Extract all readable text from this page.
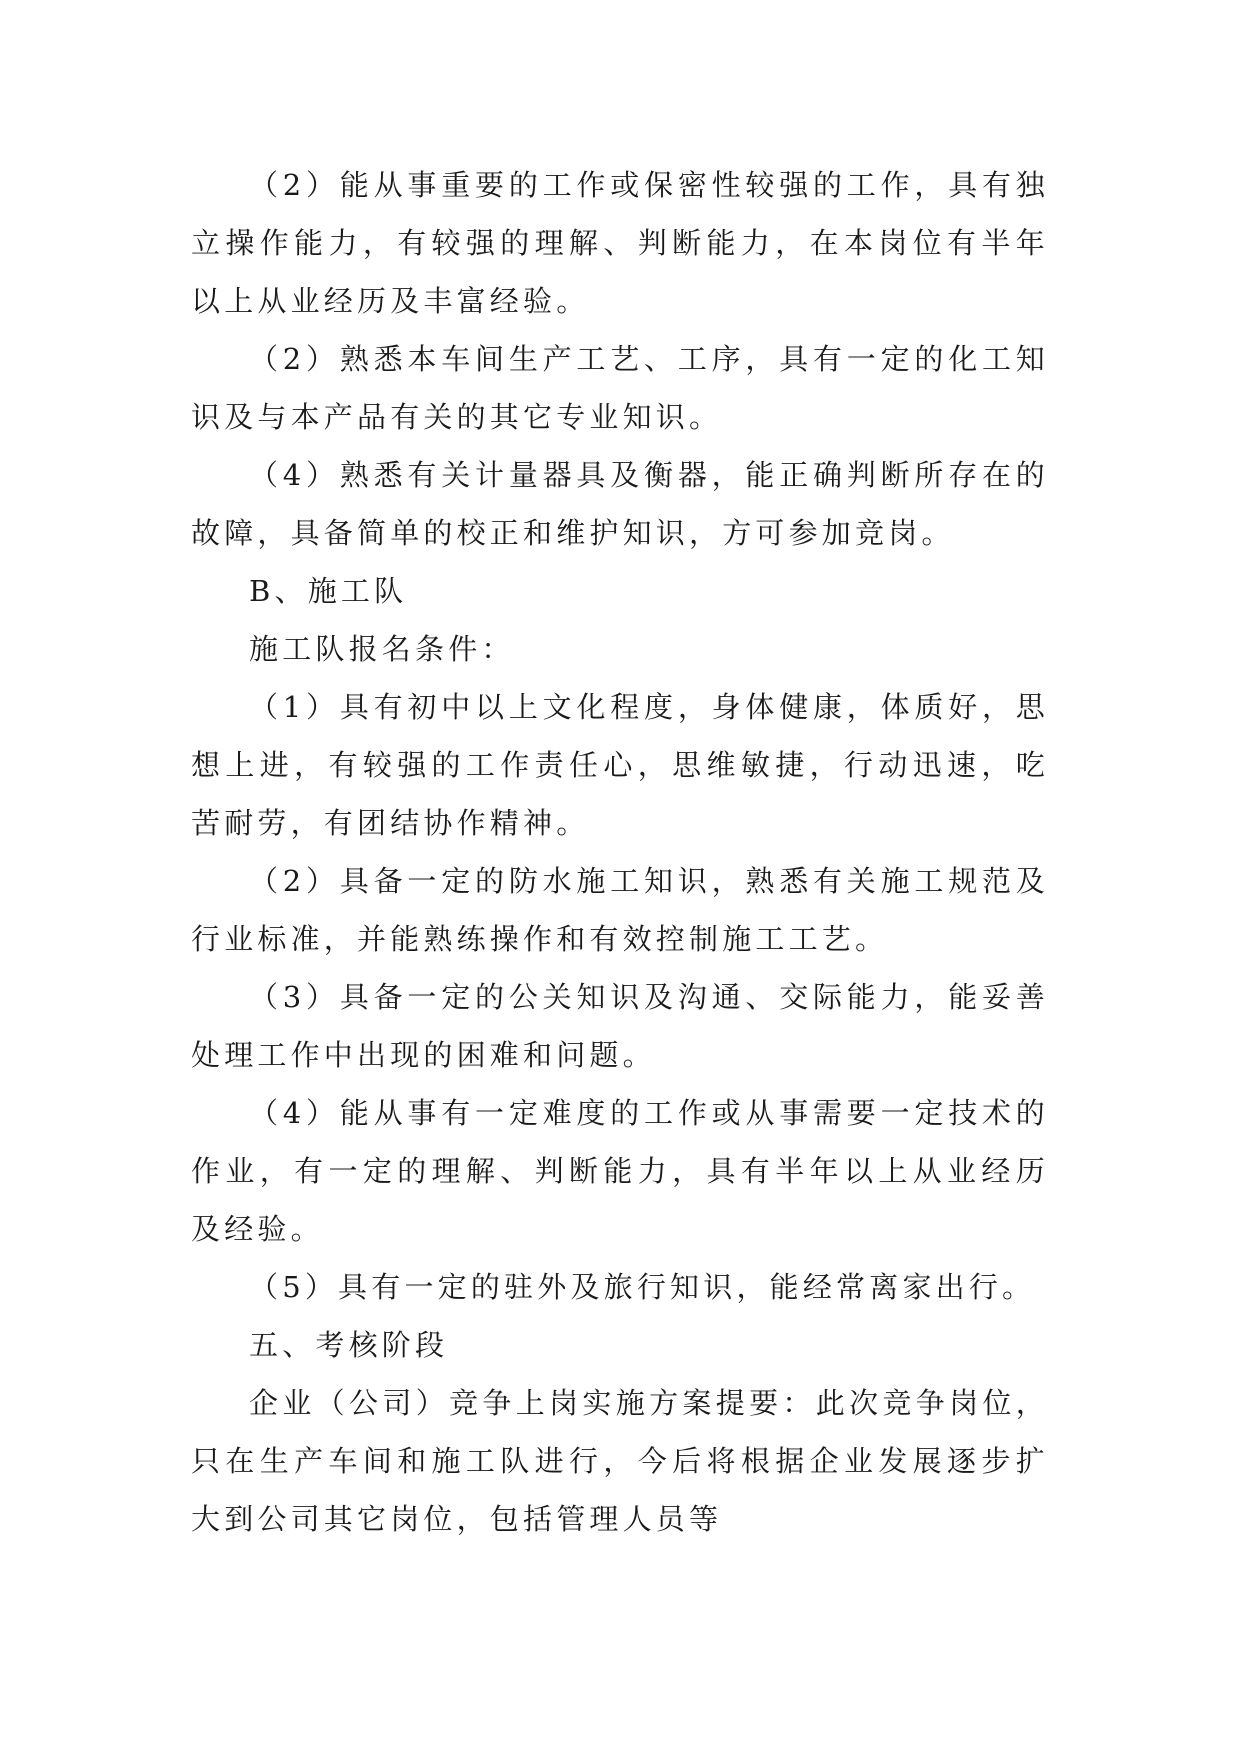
（2）能从事重要的工作或保密性较强的工作，具有独立操作能力，有较强的理解、判断能力，在本岗位有半年以上从业经历及丰富经验。

（2）熟悉本车间生产工艺、工序，具有一定的化工知识及与本产品有关的其它专业知识。

（4）熟悉有关计量器具及衡器，能正确判断所存在的故障，具备简单的校正和维护知识，方可参加竞岗。

B、施工队

施工队报名条件：

（1）具有初中以上文化程度，身体健康，体质好，思想上进，有较强的工作责任心，思维敏捷，行动迅速，吃苦耐劳，有团结协作精神。

（2）具备一定的防水施工知识，熟悉有关施工规范及行业标准，并能熟练操作和有效控制施工工艺。

（3）具备一定的公关知识及沟通、交际能力，能妥善处理工作中出现的困难和问题。

（4）能从事有一定难度的工作或从事需要一定技术的作业，有一定的理解、判断能力，具有半年以上从业经历及经验。

（5）具有一定的驻外及旅行知识，能经常离家出行。

五、考核阶段

企业（公司）竞争上岗实施方案提要：此次竞争岗位，只在生产车间和施工队进行，今后将根据企业发展逐步扩大到公司其它岗位，包括管理人员等
